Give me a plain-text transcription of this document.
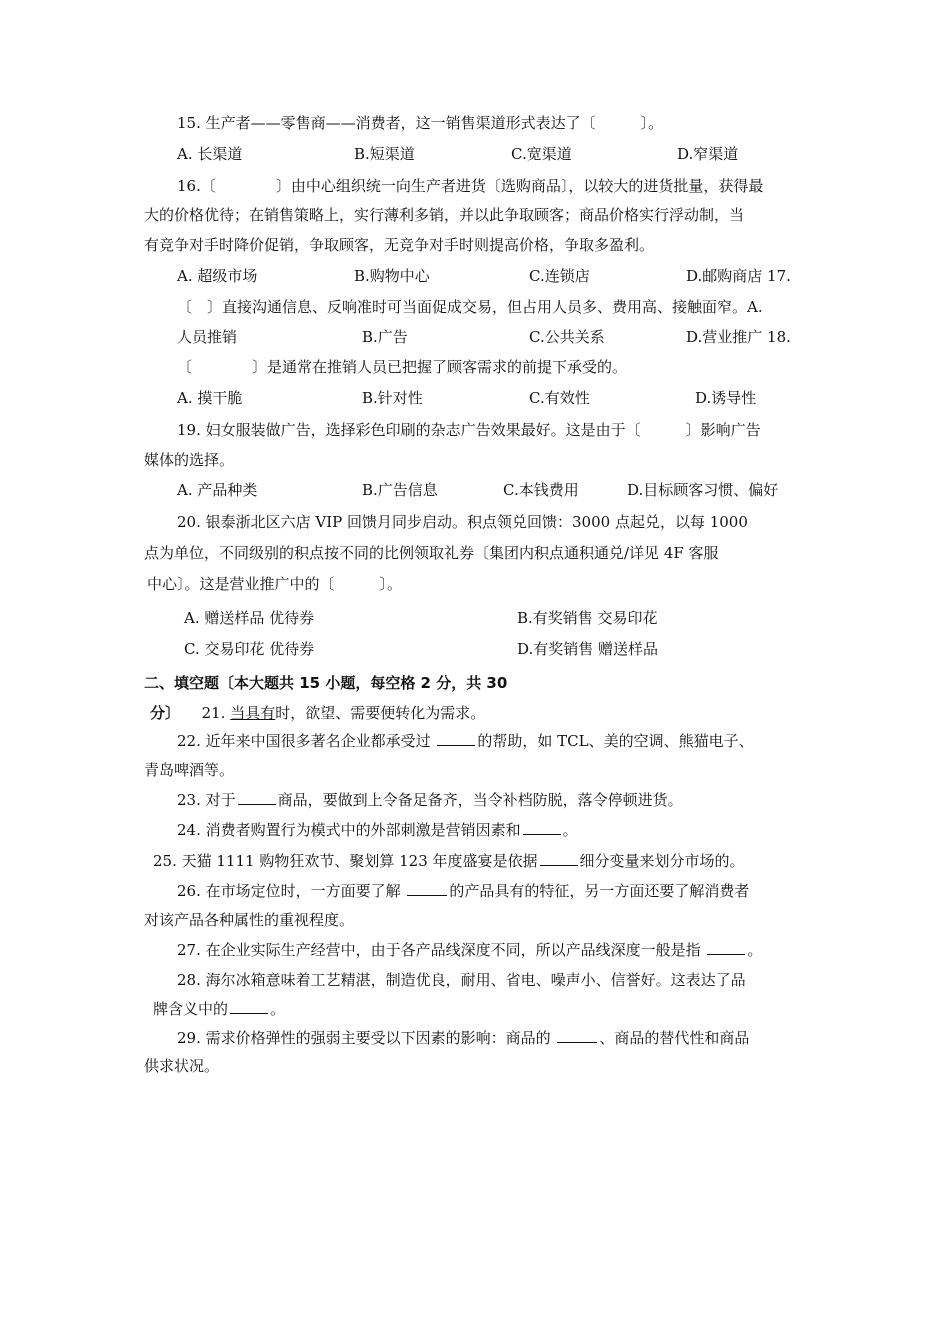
15. 生产者——零售商——消费者，这一销售渠道形式表达了〔　　　〕。
A. 长渠道	B.短渠道	C.宽渠道	D.窄渠道
16.〔　　　　〕由中心组织统一向生产者进货〔选购商品〕，以较大的进货批量，获得最
大的价格优待；在销售策略上，实行薄利多销，并以此争取顾客；商品价格实行浮动制，当
有竞争对手时降价促销，争取顾客，无竞争对手时则提高价格，争取多盈利。
A. 超级市场	B.购物中心	C.连锁店	D.邮购商店 17.
〔　〕直接沟通信息、反响准时可当面促成交易，但占用人员多、费用高、接触面窄。A.
人员推销	B.广告	C.公共关系	D.营业推广 18.
〔　　　　〕是通常在推销人员已把握了顾客需求的前提下承受的。
A. 摸干脆	B.针对性	C.有效性	D.诱导性
19. 妇女服装做广告，选择彩色印刷的杂志广告效果最好。这是由于〔　　　〕影响广告
媒体的选择。
A. 产品种类	B.广告信息	C.本钱费用	D.目标顾客习惯、偏好
20. 银泰浙北区六店 VIP 回馈月同步启动。积点领兑回馈：3000 点起兑，以每 1000
点为单位，不同级别的积点按不同的比例领取礼券〔集团内积点通积通兑/详见 4F 客服
中心〕。这是营业推广中的〔　　　〕。
A. 赠送样品 优待券	B.有奖销售 交易印花
C. 交易印花 优待券	D.有奖销售 赠送样品
二、填空题〔本大题共 15 小题，每空格 2 分，共 30
分〕 21. 当具有时，欲望、需要便转化为需求。
22. 近年来中国很多著名企业都承受过	的帮助，如 TCL、美的空调、熊猫电子、
青岛啤酒等。
23. 对于	商品，要做到上令备足备齐，当令补档防脱，落令停顿进货。
24. 消费者购置行为模式中的外部刺激是营销因素和	。
25. 天猫 1111 购物狂欢节、聚划算 123 年度盛宴是依据	细分变量来划分市场的。
26. 在市场定位时，一方面要了解	的产品具有的特征，另一方面还要了解消费者
对该产品各种属性的重视程度。
27. 在企业实际生产经营中，由于各产品线深度不同，所以产品线深度一般是指	。
28. 海尔冰箱意味着工艺精湛，制造优良，耐用、省电、噪声小、信誉好。这表达了品
牌含义中的	。
29. 需求价格弹性的强弱主要受以下因素的影响：商品的	、商品的替代性和商品
供求状况。
